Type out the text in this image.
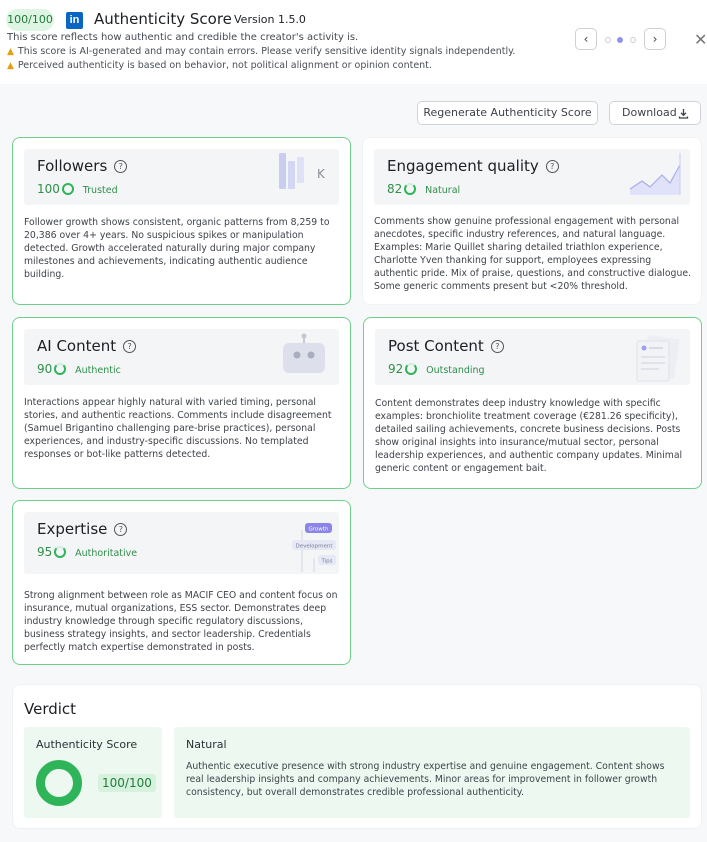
100/100	in Authenticity Score Version 1.5.0
This score reflects how authentic and credible the creator's activity is.
▲ This score is AI-generated and may contain errors. Please verify sensitive identity signals independently.
▲ Perceived authenticity is based on behavior, not political alignment or opinion content.
‹	›	✕
Regenerate Authenticity Score	Download
Followers ?
100 Trusted
K
Follower growth shows consistent, organic patterns from 8,259 to 20,386 over 4+ years. No suspicious spikes or manipulation detected. Growth accelerated naturally during major company milestones and achievements, indicating authentic audience building.
Engagement quality ?
82 Natural
Comments show genuine professional engagement with personal anecdotes, specific industry references, and natural language. Examples: Marie Quillet sharing detailed triathlon experience, Charlotte Yven thanking for support, employees expressing authentic pride. Mix of praise, questions, and constructive dialogue. Some generic comments present but <20% threshold.
AI Content ?
90 Authentic
Interactions appear highly natural with varied timing, personal stories, and authentic reactions. Comments include disagreement (Samuel Brigantino challenging pare-brise practices), personal experiences, and industry-specific discussions. No templated responses or bot-like patterns detected.
Post Content ?
92 Outstanding
Content demonstrates deep industry knowledge with specific examples: bronchiolite treatment coverage (€281.26 specificity), detailed sailing achievements, concrete business decisions. Posts show original insights into insurance/mutual sector, personal leadership experiences, and authentic company updates. Minimal generic content or engagement bait.
Expertise ?
95 Authoritative
Growth
Development
Tips
Strong alignment between role as MACIF CEO and content focus on insurance, mutual organizations, ESS sector. Demonstrates deep industry knowledge through specific regulatory discussions, business strategy insights, and sector leadership. Credentials perfectly match expertise demonstrated in posts.
Verdict
Authenticity Score
100/100
Natural
Authentic executive presence with strong industry expertise and genuine engagement. Content shows real leadership insights and company achievements. Minor areas for improvement in follower growth consistency, but overall demonstrates credible professional authenticity.
